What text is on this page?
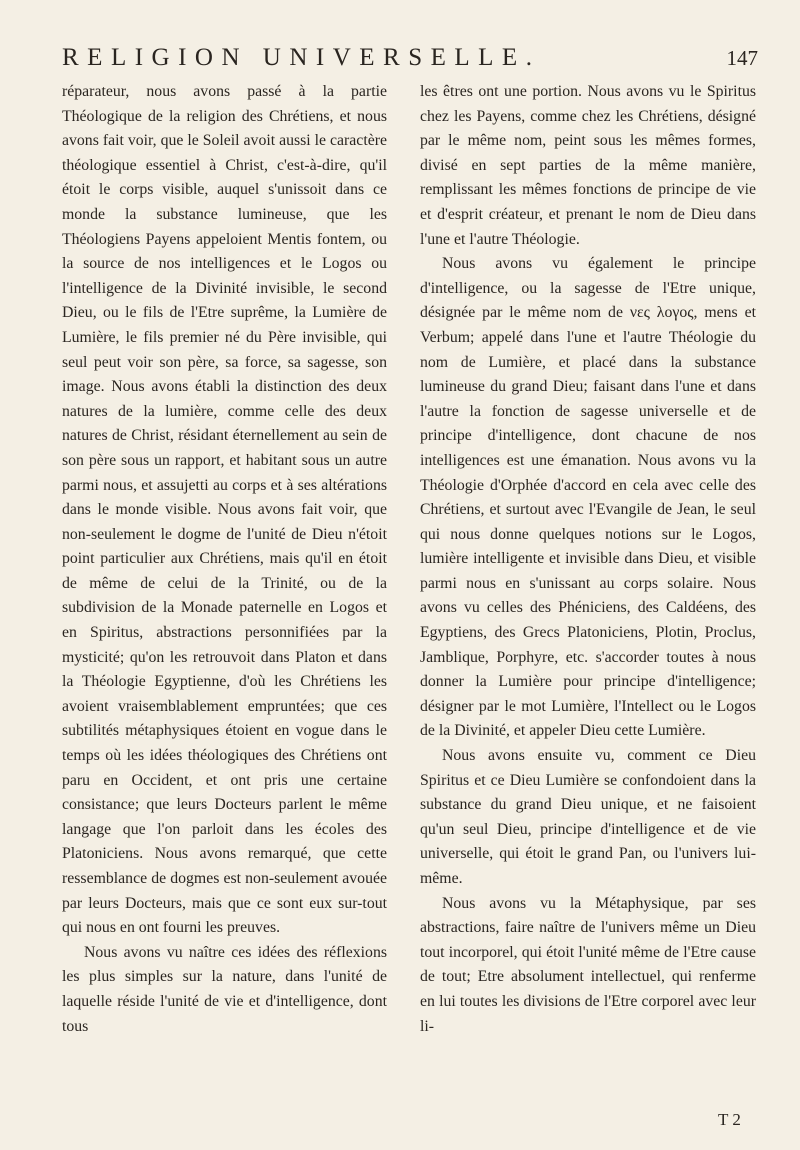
RELIGION UNIVERSELLE.	147

réparateur, nous avons passé à la partie Théologique de la religion des Chrétiens, et nous avons fait voir, que le Soleil avoit aussi le caractère théologique essentiel à Christ, c'est-à-dire, qu'il étoit le corps visible, auquel s'unissoit dans ce monde la substance lumineuse, que les Théologiens Payens appeloient Mentis fontem, ou la source de nos intelligences et le Logos ou l'intelligence de la Divinité invisible, le second Dieu, ou le fils de l'Etre suprême, la Lumière de Lumière, le fils premier né du Père invisible, qui seul peut voir son père, sa force, sa sagesse, son image. Nous avons établi la distinction des deux natures de la lumière, comme celle des deux natures de Christ, résidant éternellement au sein de son père sous un rapport, et habitant sous un autre parmi nous, et assujetti au corps et à ses altérations dans le monde visible. Nous avons fait voir, que non-seulement le dogme de l'unité de Dieu n'étoit point particulier aux Chrétiens, mais qu'il en étoit de même de celui de la Trinité, ou de la subdivision de la Monade paternelle en Logos et en Spiritus, abstractions personnifiées par la mysticité; qu'on les retrouvoit dans Platon et dans la Théologie Egyptienne, d'où les Chrétiens les avoient vraisemblablement empruntées; que ces subtilités métaphysiques étoient en vogue dans le temps où les idées théologiques des Chrétiens ont paru en Occident, et ont pris une certaine consistance; que leurs Docteurs parlent le même langage que l'on parloit dans les écoles des Platoniciens. Nous avons remarqué, que cette ressemblance de dogmes est non-seulement avouée par leurs Docteurs, mais que ce sont eux sur-tout qui nous en ont fourni les preuves.

Nous avons vu naître ces idées des réflexions les plus simples sur la nature, dans l'unité de laquelle réside l'unité de vie et d'intelligence, dont tous

les êtres ont une portion. Nous avons vu le Spiritus chez les Payens, comme chez les Chrétiens, désigné par le même nom, peint sous les mêmes formes, divisé en sept parties de la même manière, remplissant les mêmes fonctions de principe de vie et d'esprit créateur, et prenant le nom de Dieu dans l'une et l'autre Théologie.

Nous avons vu également le principe d'intelligence, ou la sagesse de l'Etre unique, désignée par le même nom de νες λογος, mens et Verbum; appelé dans l'une et l'autre Théologie du nom de Lumière, et placé dans la substance lumineuse du grand Dieu; faisant dans l'une et dans l'autre la fonction de sagesse universelle et de principe d'intelligence, dont chacune de nos intelligences est une émanation. Nous avons vu la Théologie d'Orphée d'accord en cela avec celle des Chrétiens, et surtout avec l'Evangile de Jean, le seul qui nous donne quelques notions sur le Logos, lumière intelligente et invisible dans Dieu, et visible parmi nous en s'unissant au corps solaire. Nous avons vu celles des Phéniciens, des Caldéens, des Egyptiens, des Grecs Platoniciens, Plotin, Proclus, Jamblique, Porphyre, etc. s'accorder toutes à nous donner la Lumière pour principe d'intelligence; désigner par le mot Lumière, l'Intellect ou le Logos de la Divinité, et appeler Dieu cette Lumière.

Nous avons ensuite vu, comment ce Dieu Spiritus et ce Dieu Lumière se confondoient dans la substance du grand Dieu unique, et ne faisoient qu'un seul Dieu, principe d'intelligence et de vie universelle, qui étoit le grand Pan, ou l'univers lui-même.

Nous avons vu la Métaphysique, par ses abstractions, faire naître de l'univers même un Dieu tout incorporel, qui étoit l'unité même de l'Etre cause de tout; Etre absolument intellectuel, qui renferme en lui toutes les divisions de l'Etre corporel avec leur li-

T 2
